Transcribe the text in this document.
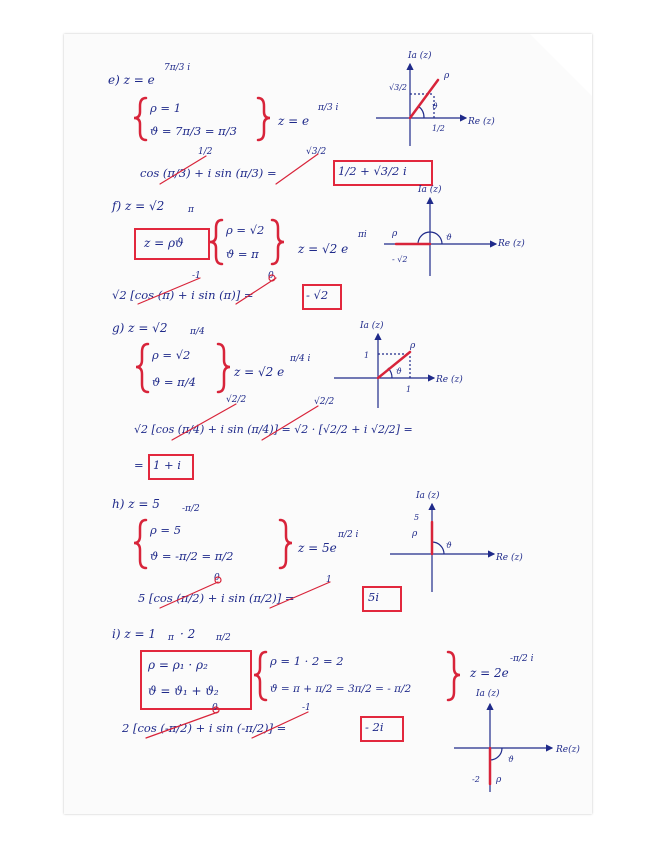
e) z = e
7π/3 i
ρ = 1
ϑ = 7π/3 = π/3
z = e
π/3 i
1/2	√3/2
cos (π/3) + i sin (π/3) =	1/2 + √3/2 i
f) z = √2	π
z = ρϑ
ρ = √2
ϑ = π	z = √2 e
πi
-1	0
√2 [cos (π) + i sin (π)] =	- √2
g) z = √2	π/4
ρ = √2
ϑ = π/4
z = √2 e
π/4 i
√2/2	√2/2
√2 [cos (π/4) + i sin (π/4)] = √2 · [√2/2 + i √2/2] =
= 1 + i
h) z = 5 -π/2
ρ = 5
ϑ = -π/2 = π/2
z = 5e
π/2 i
0	1
5 [cos (π/2) + i sin (π/2)] =	5i
i) z = 1 π · 2 π/2
ρ = ρ₁ · ρ₂
ϑ = ϑ₁ + ϑ₂
ρ = 1 · 2 = 2
ϑ = π + π/2 = 3π/2 = - π/2
z = 2e
-π/2 i
0	-1
2 [cos (-π/2) + i sin (-π/2)] =	- 2i
Ia (z)
Re (z)
√3/2
1/2
ρ
ϑ
Ia (z)
Re (z)
- √2
ρ	ϑ
Ia (z)
Re (z)
1
1
ρ
ϑ
Ia (z)
Re (z)
5
ρ
ϑ
Ia (z)
Re(z)
-2 ρ
ϑ
